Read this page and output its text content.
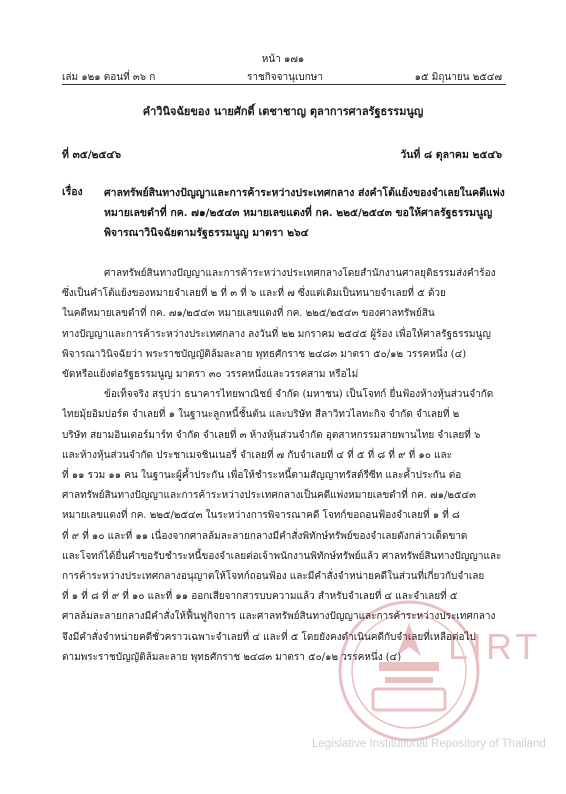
หน้า ๑๗๑
เล่ม ๑๒๑ ตอนที่ ๓๖ ก	ราชกิจจานุเบกษา	๑๕ มิถุนายน ๒๕๔๗
คำวินิจฉัยของ นายศักดิ์ เตชาชาญ ตุลาการศาลรัฐธรรมนูญ
ที่ ๓๕/๒๕๔๖	วันที่ ๘ ตุลาคม ๒๕๔๖
เรื่อง	ศาลทรัพย์สินทางปัญญาและการค้าระหว่างประเทศกลาง ส่งคำโต้แย้งของจำเลยในคดีแพ่ง
หมายเลขดำที่ กค. ๗๑/๒๕๔๓ หมายเลขแดงที่ กค. ๒๒๕/๒๕๔๓ ขอให้ศาลรัฐธรรมนูญ
พิจารณาวินิจฉัยตามรัฐธรรมนูญ มาตรา ๒๖๔
ศาลทรัพย์สินทางปัญญาและการค้าระหว่างประเทศกลางโดยสำนักงานศาลยุติธรรมส่งคำร้อง
ซึ่งเป็นคำโต้แย้งของหมายจำเลยที่ ๒ ที่ ๓ ที่ ๖ และที่ ๗ ซึ่งแต่เดิมเป็นทนายจำเลยที่ ๕ ด้วย
ในคดีหมายเลขดำที่ กค. ๗๑/๒๕๔๓ หมายเลขแดงที่ กค. ๒๒๕/๒๕๔๓ ของศาลทรัพย์สิน
ทางปัญญาและการค้าระหว่างประเทศกลาง ลงวันที่ ๒๒ มกราคม ๒๕๔๕ ผู้ร้อง เพื่อให้ศาลรัฐธรรมนูญ
พิจารณาวินิจฉัยว่า พระราชบัญญัติล้มละลาย พุทธศักราช ๒๔๘๓ มาตรา ๕๐/๑๒ วรรคหนึ่ง (๔)
ขัดหรือแย้งต่อรัฐธรรมนูญ มาตรา ๓๐ วรรคหนึ่งและวรรคสาม หรือไม่
ข้อเท็จจริง สรุปว่า ธนาคารไทยพาณิชย์ จำกัด (มหาชน) เป็นโจทก์ ยื่นฟ้องห้างหุ้นส่วนจำกัด
ไทยมุ้ยอิมปอร์ต จำเลยที่ ๑ ในฐานะลูกหนี้ชั้นต้น และบริษัท สีลาวิทวไลทะกิจ จำกัด จำเลยที่ ๒
บริษัท สยามอินเตอร์มาร์ท จำกัด จำเลยที่ ๓ ห้างหุ้นส่วนจำกัด อุตสาหกรรมสายพานไทย จำเลยที่ ๖
และห้างหุ้นส่วนจำกัด ประชาเมจชินเนอรี่ จำเลยที่ ๗ กับจำเลยที่ ๔ ที่ ๕ ที่ ๘ ที่ ๙ ที่ ๑๐ และ
ที่ ๑๑ รวม ๑๑ คน ในฐานะผู้ค้ำประกัน เพื่อให้ชำระหนี้ตามสัญญาทรัสต์รีซีท และค้ำประกัน ต่อ
ศาลทรัพย์สินทางปัญญาและการค้าระหว่างประเทศกลางเป็นคดีแพ่งหมายเลขดำที่ กค. ๗๑/๒๕๔๓
หมายเลขแดงที่ กค. ๒๒๕/๒๕๔๓ ในระหว่างการพิจารณาคดี โจทก์ขอถอนฟ้องจำเลยที่ ๑ ที่ ๘
ที่ ๙ ที่ ๑๐ และที่ ๑๑ เนื่องจากศาลล้มละลายกลางมีคำสั่งพิทักษ์ทรัพย์ของจำเลยดังกล่าวเด็ดขาด
และโจทก์ได้ยื่นคำขอรับชำระหนี้ของจำเลยต่อเจ้าพนักงานพิทักษ์ทรัพย์แล้ว ศาลทรัพย์สินทางปัญญาและ
การค้าระหว่างประเทศกลางอนุญาตให้โจทก์ถอนฟ้อง และมีคำสั่งจำหน่ายคดีในส่วนที่เกี่ยวกับจำเลย
ที่ ๑ ที่ ๘ ที่ ๙ ที่ ๑๐ และที่ ๑๑ ออกเสียจากสารบบความแล้ว สำหรับจำเลยที่ ๔ และจำเลยที่ ๕
ศาลล้มละลายกลางมีคำสั่งให้ฟื้นฟูกิจการ และศาลทรัพย์สินทางปัญญาและการค้าระหว่างประเทศกลาง
จึงมีคำสั่งจำหน่ายคดีชั่วคราวเฉพาะจำเลยที่ ๔ และที่ ๕ โดยยังคงดำเนินคดีกับจำเลยที่เหลือต่อไป
ตามพระราชบัญญัติล้มละลาย พุทธศักราช ๒๔๘๓ มาตรา ๕๐/๑๒ วรรคหนึ่ง (๔)	LIRT
Legislative Institutional Repository of Thailand
